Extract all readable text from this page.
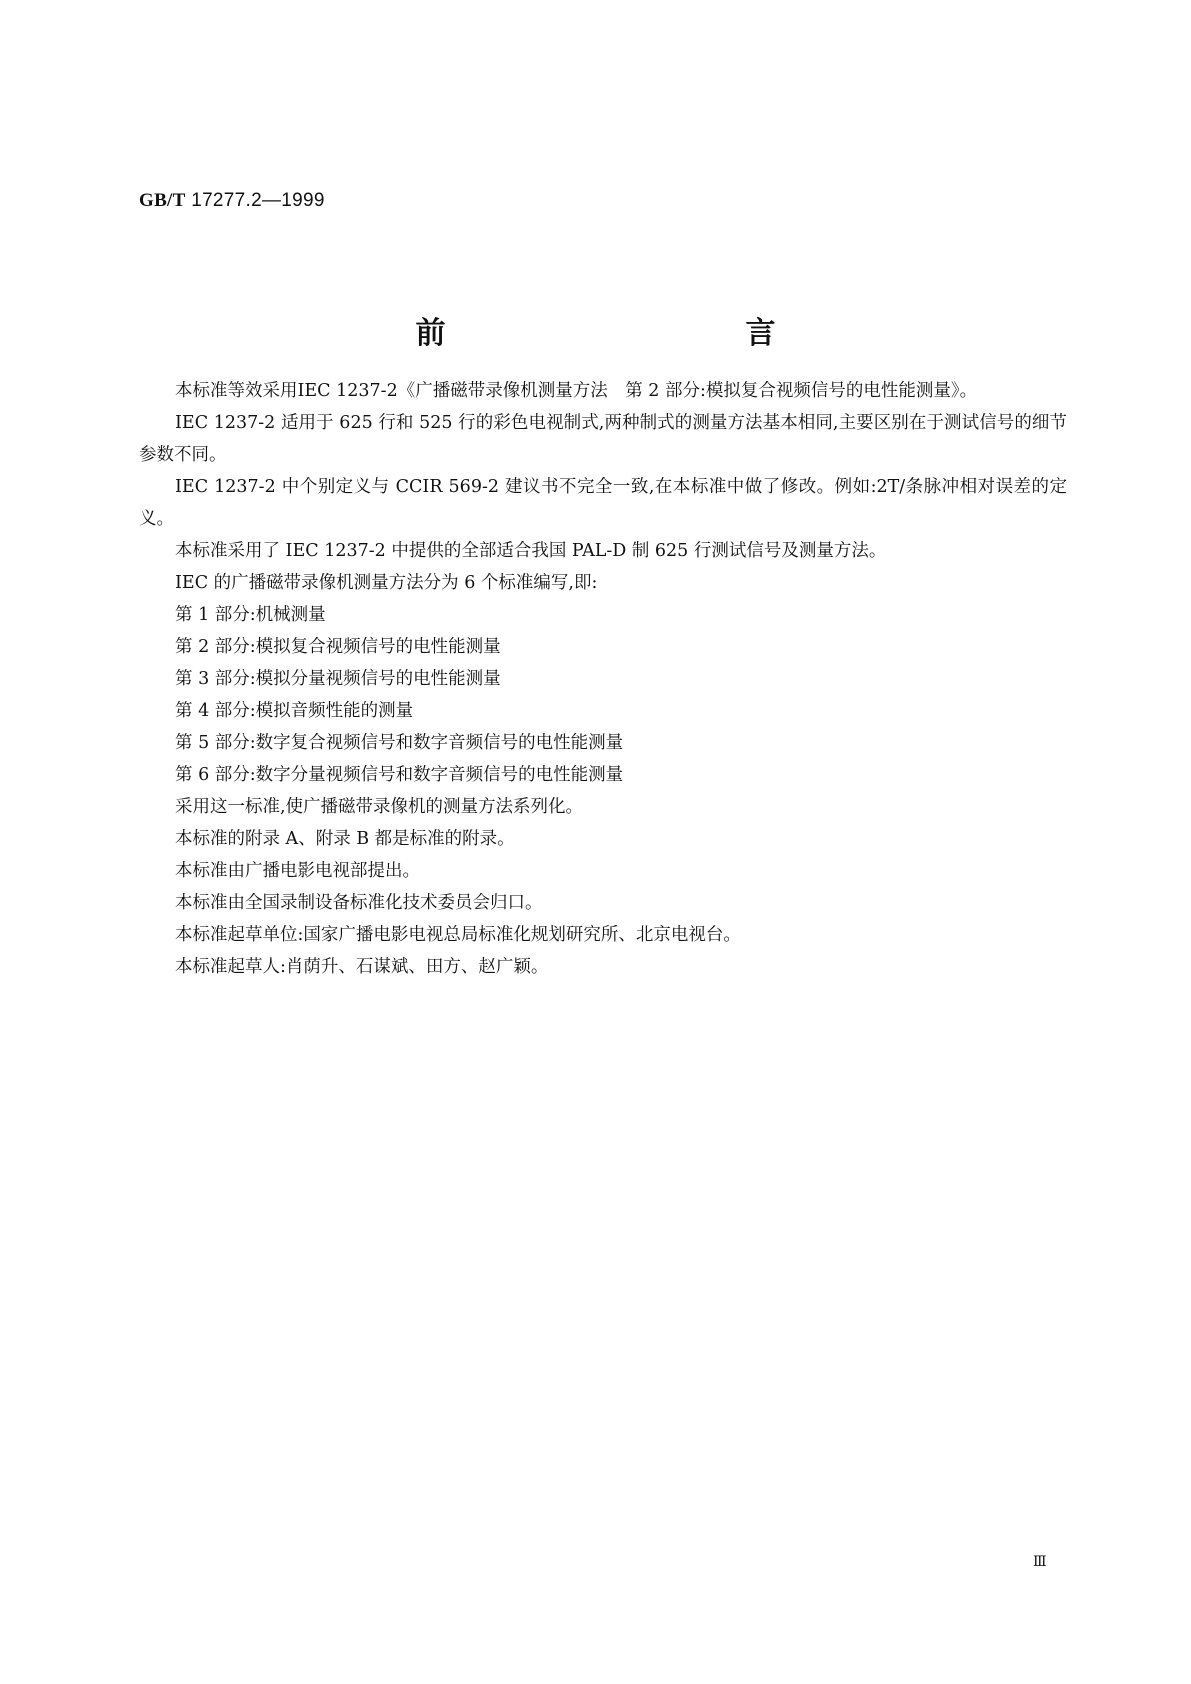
GB/T 17277.2—1999
前　　言

本标准等效采用IEC 1237-2《广播磁带录像机测量方法　第 2 部分:模拟复合视频信号的电性能测量》。

IEC 1237-2 适用于 625 行和 525 行的彩色电视制式,两种制式的测量方法基本相同,主要区别在于测试信号的细节参数不同。

IEC 1237-2 中个别定义与 CCIR 569-2 建议书不完全一致,在本标准中做了修改。例如:2T/条脉冲相对误差的定义。

本标准采用了 IEC 1237-2 中提供的全部适合我国 PAL-D 制 625 行测试信号及测量方法。

IEC 的广播磁带录像机测量方法分为 6 个标准编写,即:

第 1 部分:机械测量

第 2 部分:模拟复合视频信号的电性能测量

第 3 部分:模拟分量视频信号的电性能测量

第 4 部分:模拟音频性能的测量

第 5 部分:数字复合视频信号和数字音频信号的电性能测量

第 6 部分:数字分量视频信号和数字音频信号的电性能测量

采用这一标准,使广播磁带录像机的测量方法系列化。

本标准的附录 A、附录 B 都是标准的附录。

本标准由广播电影电视部提出。

本标准由全国录制设备标准化技术委员会归口。

本标准起草单位:国家广播电影电视总局标准化规划研究所、北京电视台。

本标准起草人:肖荫升、石谋斌、田方、赵广颖。

Ⅲ
